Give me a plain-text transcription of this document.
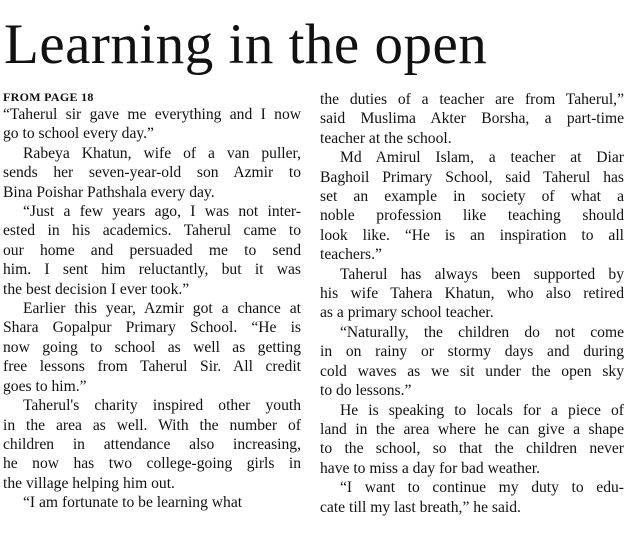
Learning in the open
FROM PAGE 18

“Taherul sir gave me everything and I now
go to school every day.”

Rabeya Khatun, wife of a van puller,
sends her seven-year-old son Azmir to
Bina Poishar Pathshala every day.

“Just a few years ago, I was not inter-
ested in his academics. Taherul came to
our home and persuaded me to send
him. I sent him reluctantly, but it was
the best decision I ever took.”

Earlier this year, Azmir got a chance at
Shara Gopalpur Primary School. “He is
now going to school as well as getting
free lessons from Taherul Sir. All credit
goes to him.”

Taherul's charity inspired other youth
in the area as well. With the number of
children in attendance also increasing,
he now has two college-going girls in
the village helping him out.

“I am fortunate to be learning what

the duties of a teacher are from Taherul,”
said Muslima Akter Borsha, a part-time
teacher at the school.

Md Amirul Islam, a teacher at Diar
Baghoil Primary School, said Taherul has
set an example in society of what a
noble profession like teaching should
look like. “He is an inspiration to all
teachers.”

Taherul has always been supported by
his wife Tahera Khatun, who also retired
as a primary school teacher.

“Naturally, the children do not come
in on rainy or stormy days and during
cold waves as we sit under the open sky
to do lessons.”

He is speaking to locals for a piece of
land in the area where he can give a shape
to the school, so that the children never
have to miss a day for bad weather.

“I want to continue my duty to edu-
cate till my last breath,” he said.
